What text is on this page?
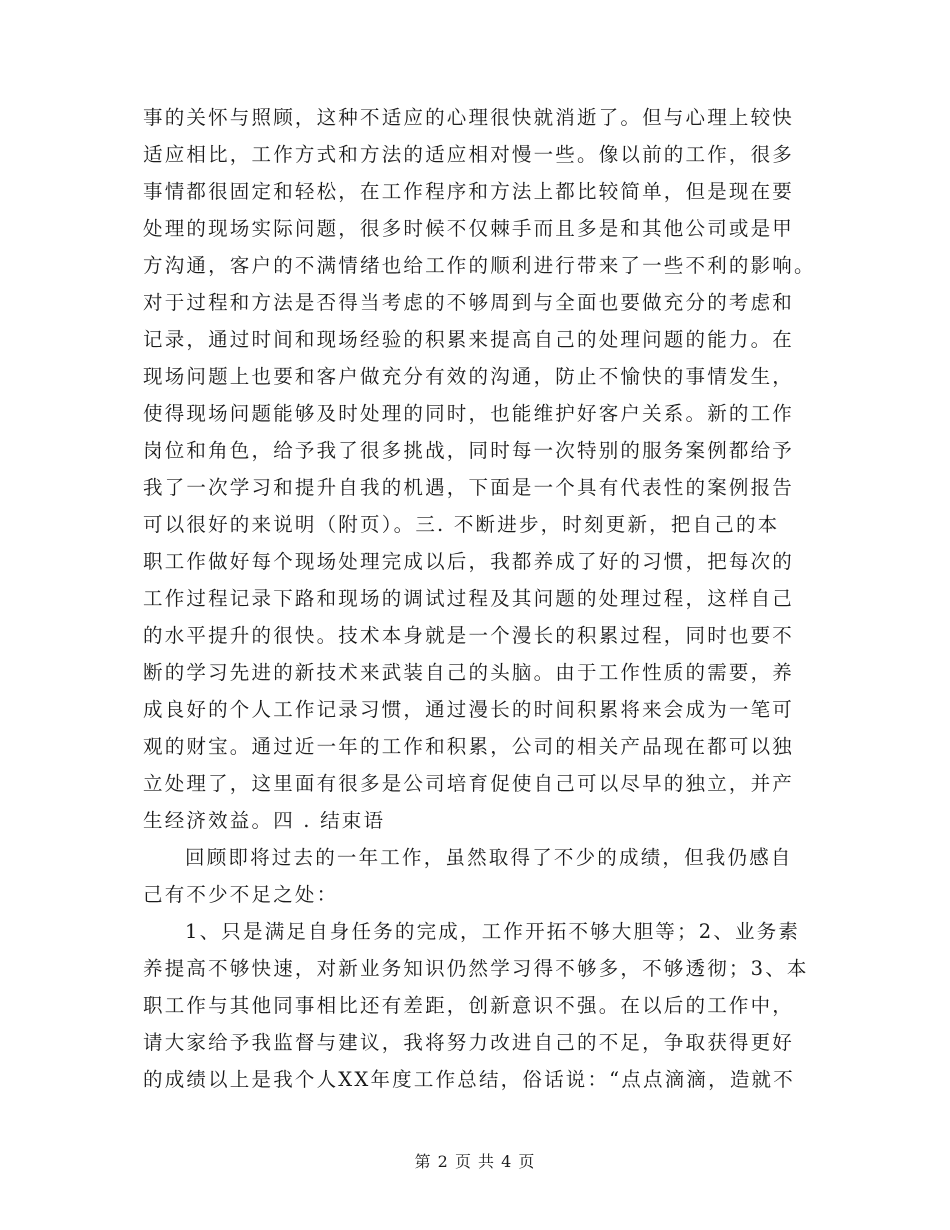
事的关怀与照顾，这种不适应的心理很快就消逝了。但与心理上较快
适应相比，工作方式和方法的适应相对慢一些。像以前的工作，很多
事情都很固定和轻松，在工作程序和方法上都比较简单，但是现在要
处理的现场实际问题，很多时候不仅棘手而且多是和其他公司或是甲
方沟通，客户的不满情绪也给工作的顺利进行带来了一些不利的影响。
对于过程和方法是否得当考虑的不够周到与全面也要做充分的考虑和
记录，通过时间和现场经验的积累来提高自己的处理问题的能力。在
现场问题上也要和客户做充分有效的沟通，防止不愉快的事情发生，
使得现场问题能够及时处理的同时，也能维护好客户关系。新的工作
岗位和角色，给予我了很多挑战，同时每一次特别的服务案例都给予
我了一次学习和提升自我的机遇，下面是一个具有代表性的案例报告
可以很好的来说明（附页）。三. 不断进步，时刻更新，把自己的本
职工作做好每个现场处理完成以后，我都养成了好的习惯，把每次的
工作过程记录下路和现场的调试过程及其问题的处理过程，这样自己
的水平提升的很快。技术本身就是一个漫长的积累过程，同时也要不
断的学习先进的新技术来武装自己的头脑。由于工作性质的需要，养
成良好的个人工作记录习惯，通过漫长的时间积累将来会成为一笔可
观的财宝。通过近一年的工作和积累，公司的相关产品现在都可以独
立处理了，这里面有很多是公司培育促使自己可以尽早的独立，并产
生经济效益。四 . 结束语
回顾即将过去的一年工作，虽然取得了不少的成绩，但我仍感自
己有不少不足之处：
1、只是满足自身任务的完成，工作开拓不够大胆等；2、业务素
养提高不够快速，对新业务知识仍然学习得不够多，不够透彻；3、本
职工作与其他同事相比还有差距，创新意识不强。在以后的工作中，
请大家给予我监督与建议，我将努力改进自己的不足，争取获得更好
的成绩以上是我个人XX年度工作总结，俗话说：“点点滴滴，造就不
第 2 页 共 4 页
